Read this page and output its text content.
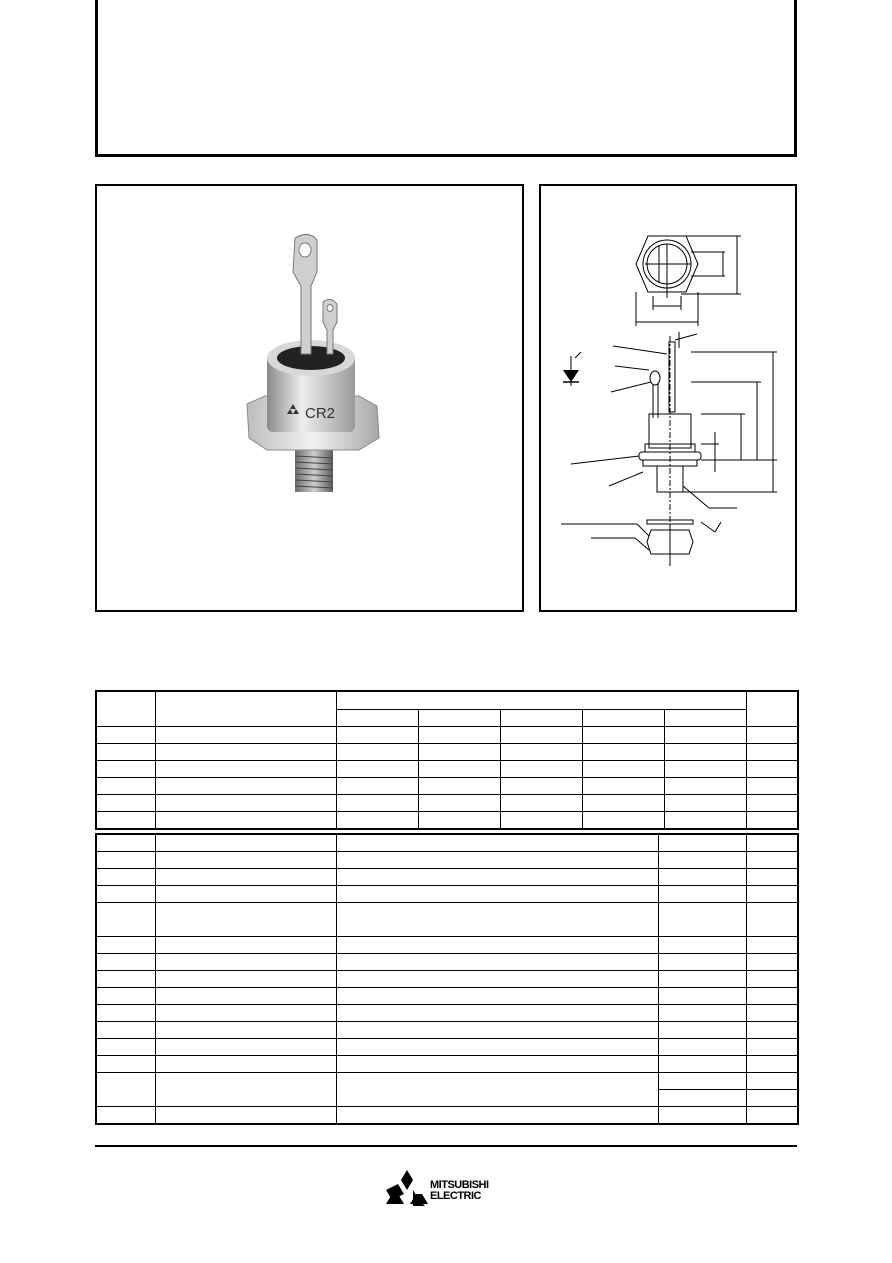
CR2

MITSUBISHI
ELECTRIC
